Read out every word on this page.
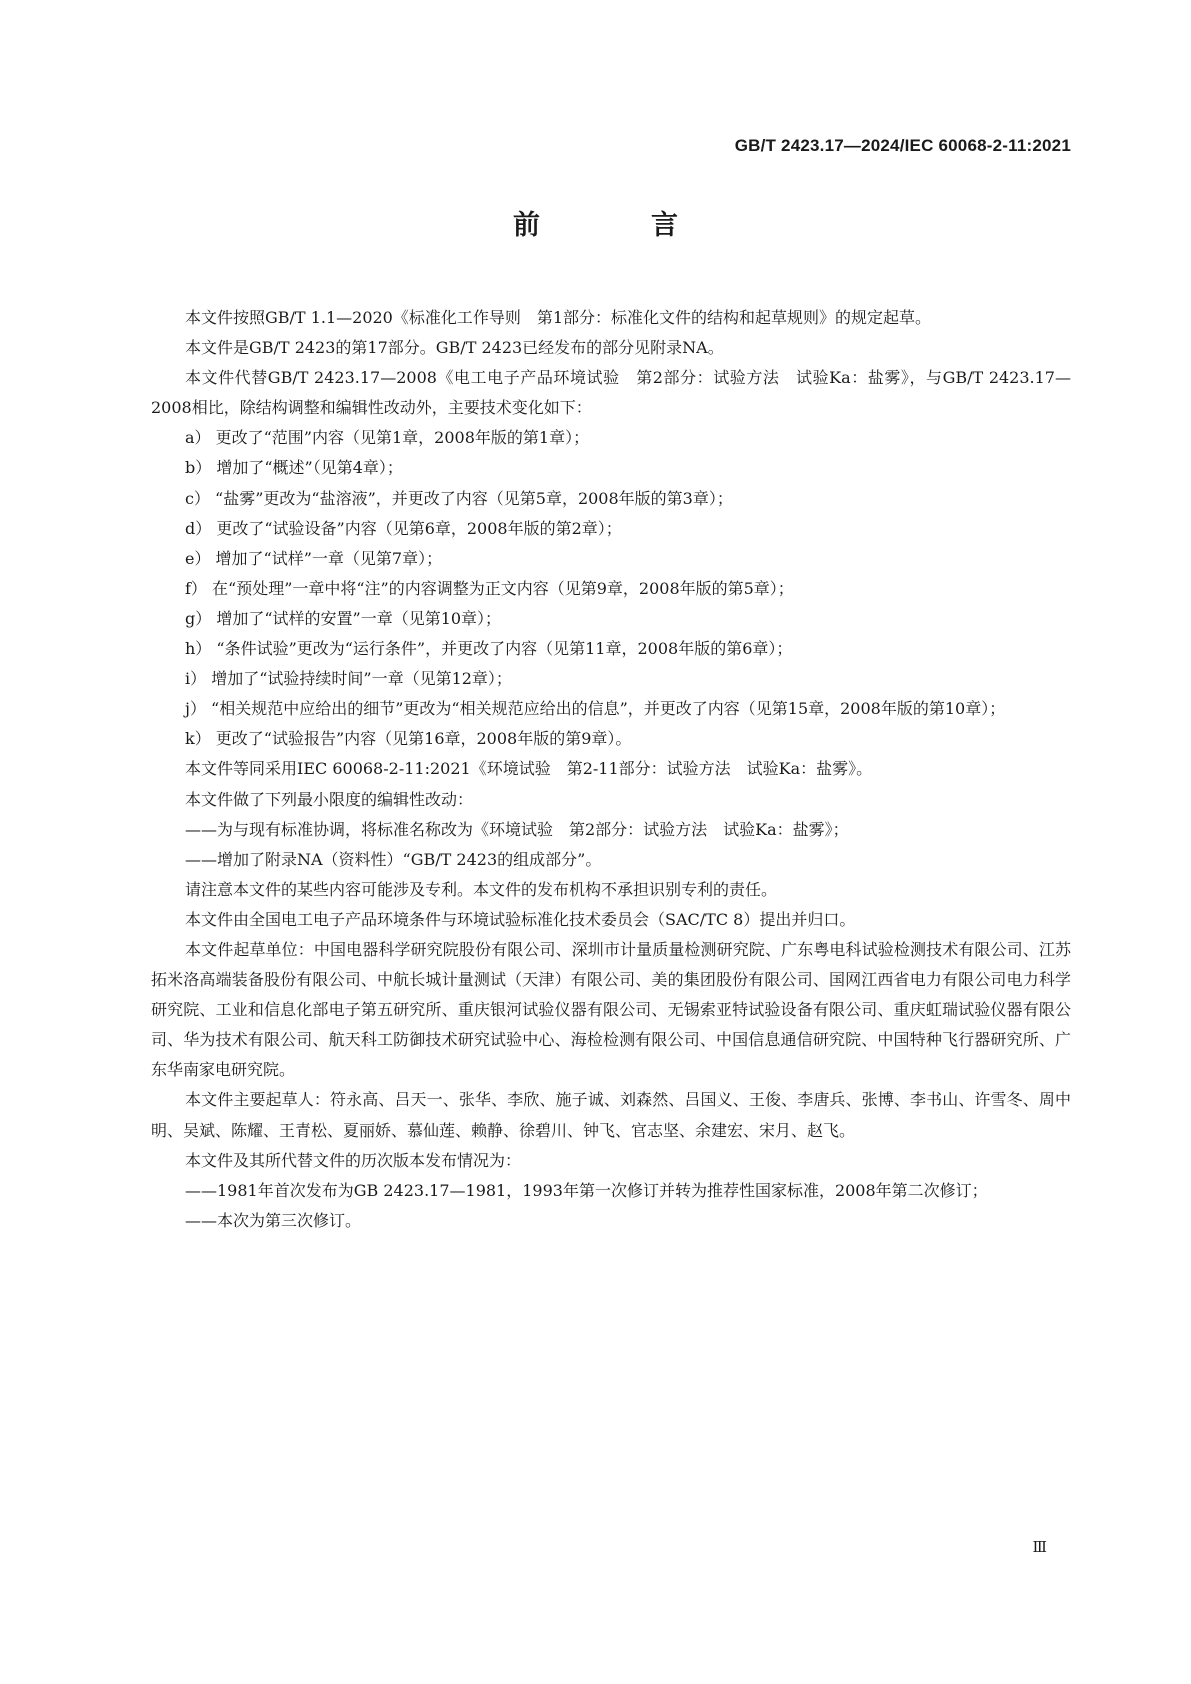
GB/T 2423.17—2024/IEC 60068-2-11:2021
前　言

本文件按照GB/T 1.1—2020《标准化工作导则　第1部分：标准化文件的结构和起草规则》的规定起草。

本文件是GB/T 2423的第17部分。GB/T 2423已经发布的部分见附录NA。

本文件代替GB/T 2423.17—2008《电工电子产品环境试验　第2部分：试验方法　试验Ka：盐雾》，与GB/T 2423.17—2008相比，除结构调整和编辑性改动外，主要技术变化如下：

a） 更改了“范围”内容（见第1章，2008年版的第1章）；

b） 增加了“概述”（见第4章）；

c） “盐雾”更改为“盐溶液”，并更改了内容（见第5章，2008年版的第3章）；

d） 更改了“试验设备”内容（见第6章，2008年版的第2章）；

e） 增加了“试样”一章（见第7章）；

f） 在“预处理”一章中将“注”的内容调整为正文内容（见第9章，2008年版的第5章）；

g） 增加了“试样的安置”一章（见第10章）；

h） “条件试验”更改为“运行条件”，并更改了内容（见第11章，2008年版的第6章）；

i） 增加了“试验持续时间”一章（见第12章）；

j） “相关规范中应给出的细节”更改为“相关规范应给出的信息”，并更改了内容（见第15章，2008年版的第10章）；

k） 更改了“试验报告”内容（见第16章，2008年版的第9章）。

本文件等同采用IEC 60068-2-11:2021《环境试验　第2-11部分：试验方法　试验Ka：盐雾》。

本文件做了下列最小限度的编辑性改动：

——为与现有标准协调，将标准名称改为《环境试验　第2部分：试验方法　试验Ka：盐雾》；

——增加了附录NA（资料性）“GB/T 2423的组成部分”。

请注意本文件的某些内容可能涉及专利。本文件的发布机构不承担识别专利的责任。

本文件由全国电工电子产品环境条件与环境试验标准化技术委员会（SAC/TC 8）提出并归口。

本文件起草单位：中国电器科学研究院股份有限公司、深圳市计量质量检测研究院、广东粤电科试验检测技术有限公司、江苏拓米洛高端装备股份有限公司、中航长城计量测试（天津）有限公司、美的集团股份有限公司、国网江西省电力有限公司电力科学研究院、工业和信息化部电子第五研究所、重庆银河试验仪器有限公司、无锡索亚特试验设备有限公司、重庆虹瑞试验仪器有限公司、华为技术有限公司、航天科工防御技术研究试验中心、海检检测有限公司、中国信息通信研究院、中国特种飞行器研究所、广东华南家电研究院。

本文件主要起草人：符永高、吕天一、张华、李欣、施子诚、刘森然、吕国义、王俊、李唐兵、张博、李书山、许雪冬、周中明、吴斌、陈耀、王青松、夏丽娇、慕仙莲、赖静、徐碧川、钟飞、官志坚、余建宏、宋月、赵飞。

本文件及其所代替文件的历次版本发布情况为：

——1981年首次发布为GB 2423.17—1981，1993年第一次修订并转为推荐性国家标准，2008年第二次修订；

——本次为第三次修订。

Ⅲ
